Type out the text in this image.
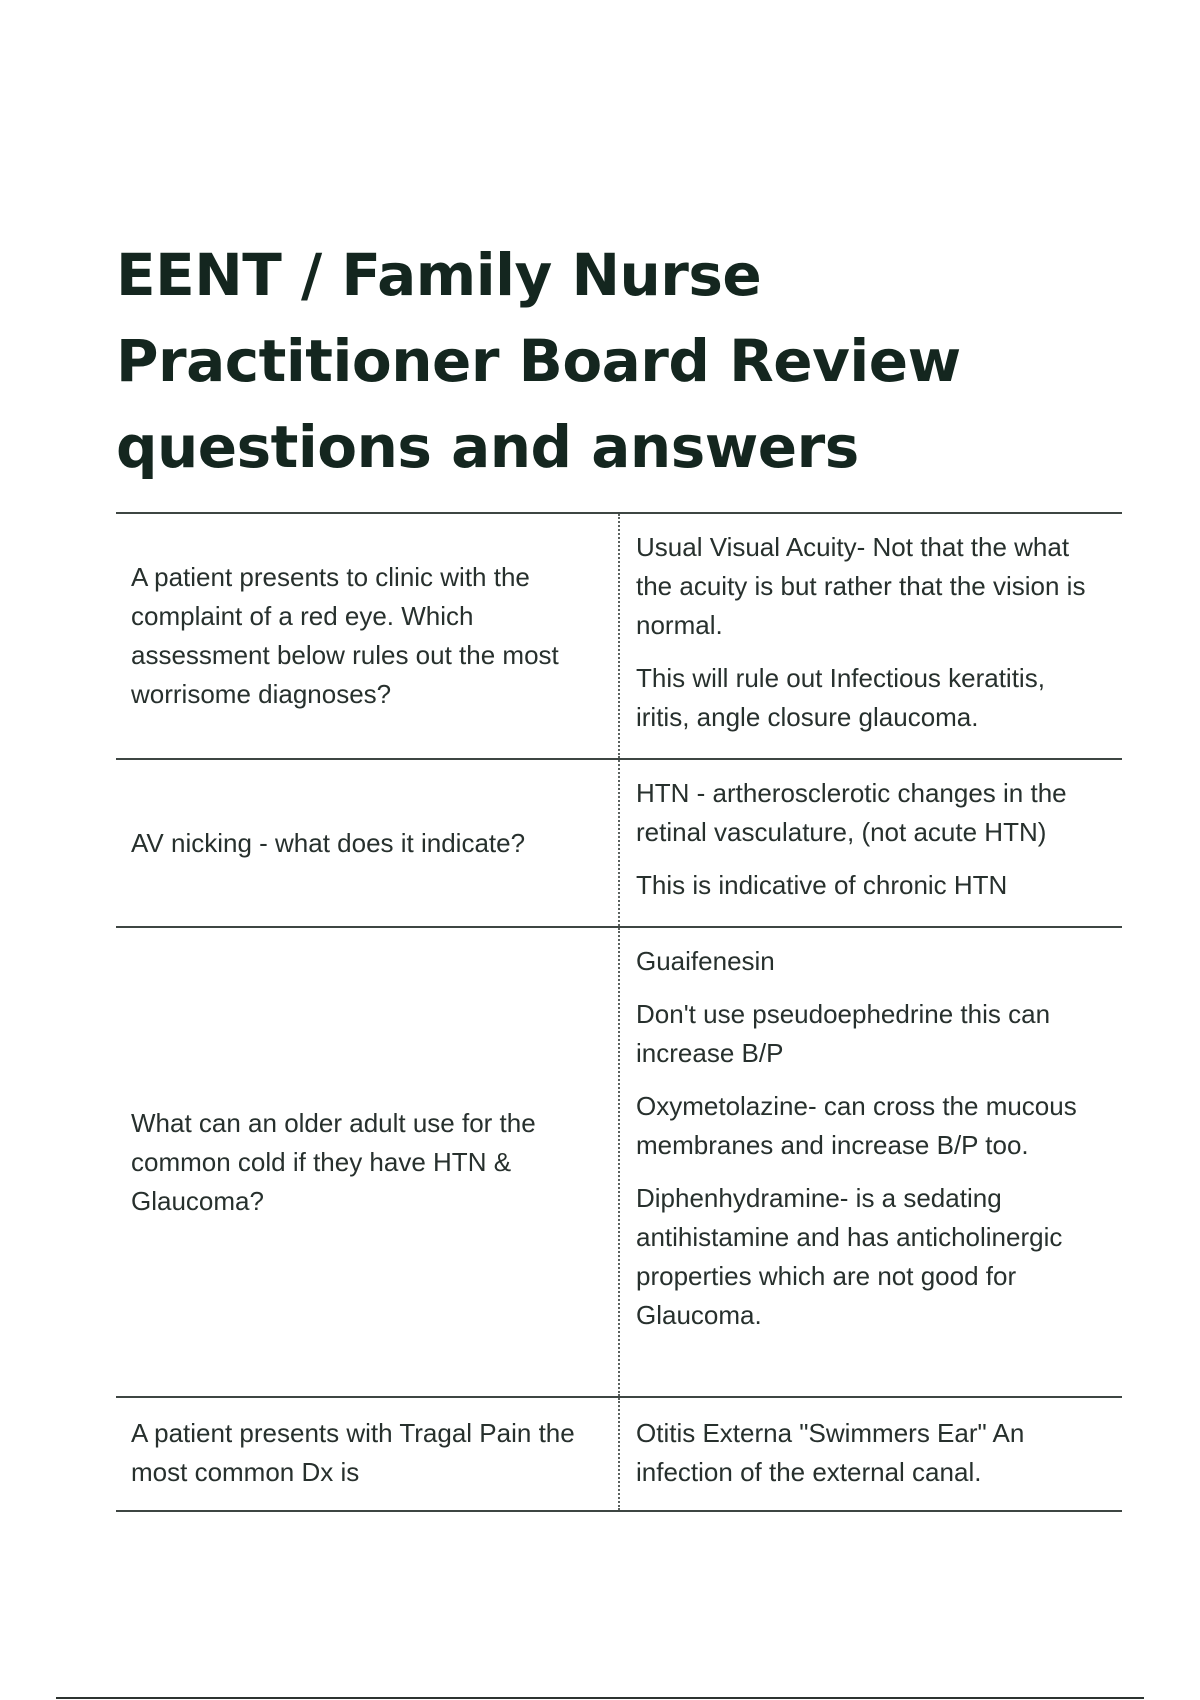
EENT / Family Nurse
Practitioner Board Review
questions and answers
A patient presents to clinic with the complaint of a red eye. Which assessment below rules out the most worrisome diagnoses?

Usual Visual Acuity- Not that the what the acuity is but rather that the vision is normal.

This will rule out Infectious keratitis, iritis, angle closure glaucoma.

AV nicking - what does it indicate?

HTN - artherosclerotic changes in the retinal vasculature, (not acute HTN)

This is indicative of chronic HTN

What can an older adult use for the common cold if they have HTN & Glaucoma?

Guaifenesin

Don't use pseudoephedrine this can increase B/P

Oxymetolazine- can cross the mucous membranes and increase B/P too.

Diphenhydramine- is a sedating antihistamine and has anticholinergic properties which are not good for Glaucoma.

A patient presents with Tragal Pain the most common Dx is

Otitis Externa "Swimmers Ear" An infection of the external canal.
